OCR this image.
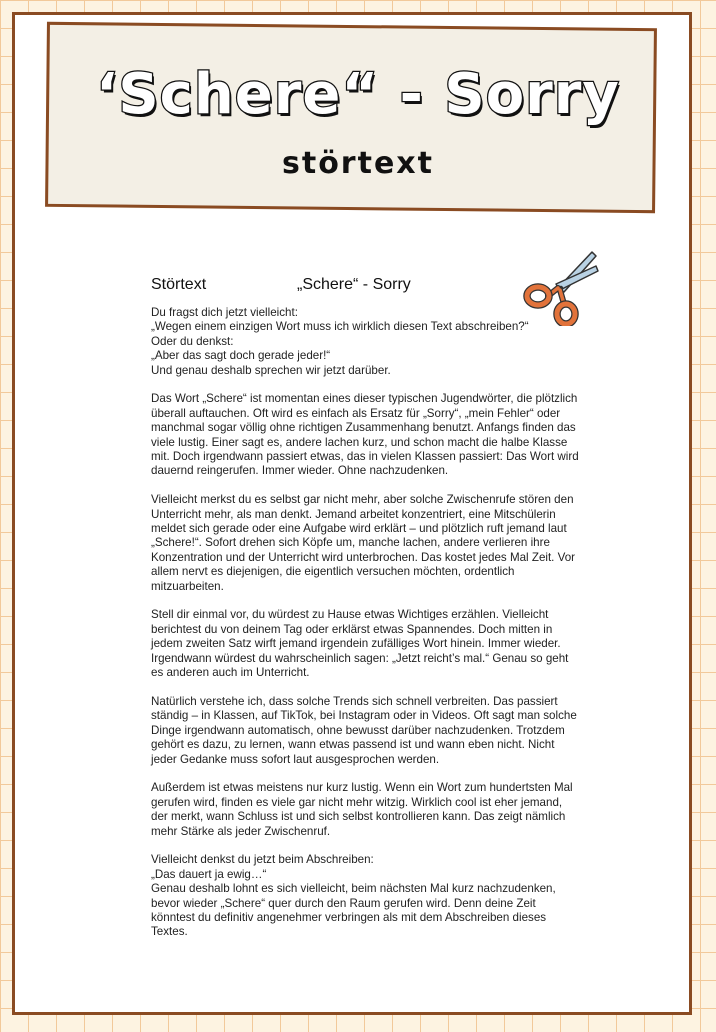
‘Schere“ - Sorry
störtext
Störtext	„Schere“ - Sorry

Du fragst dich jetzt vielleicht:
„Wegen einem einzigen Wort muss ich wirklich diesen Text abschreiben?“
Oder du denkst:
„Aber das sagt doch gerade jeder!“
Und genau deshalb sprechen wir jetzt darüber.

Das Wort „Schere“ ist momentan eines dieser typischen Jugendwörter, die plötzlich überall auftauchen. Oft wird es einfach als Ersatz für „Sorry“, „mein Fehler“ oder manchmal sogar völlig ohne richtigen Zusammenhang benutzt. Anfangs finden das viele lustig. Einer sagt es, andere lachen kurz, und schon macht die halbe Klasse mit. Doch irgendwann passiert etwas, das in vielen Klassen passiert: Das Wort wird dauernd reingerufen. Immer wieder. Ohne nachzudenken.

Vielleicht merkst du es selbst gar nicht mehr, aber solche Zwischenrufe stören den Unterricht mehr, als man denkt. Jemand arbeitet konzentriert, eine Mitschülerin meldet sich gerade oder eine Aufgabe wird erklärt – und plötzlich ruft jemand laut „Schere!“. Sofort drehen sich Köpfe um, manche lachen, andere verlieren ihre Konzentration und der Unterricht wird unterbrochen. Das kostet jedes Mal Zeit. Vor allem nervt es diejenigen, die eigentlich versuchen möchten, ordentlich mitzuarbeiten.

Stell dir einmal vor, du würdest zu Hause etwas Wichtiges erzählen. Vielleicht berichtest du von deinem Tag oder erklärst etwas Spannendes. Doch mitten in jedem zweiten Satz wirft jemand irgendein zufälliges Wort hinein. Immer wieder. Irgendwann würdest du wahrscheinlich sagen: „Jetzt reicht’s mal.“ Genau so geht es anderen auch im Unterricht.

Natürlich verstehe ich, dass solche Trends sich schnell verbreiten. Das passiert ständig – in Klassen, auf TikTok, bei Instagram oder in Videos. Oft sagt man solche Dinge irgendwann automatisch, ohne bewusst darüber nachzudenken. Trotzdem gehört es dazu, zu lernen, wann etwas passend ist und wann eben nicht. Nicht jeder Gedanke muss sofort laut ausgesprochen werden.

Außerdem ist etwas meistens nur kurz lustig. Wenn ein Wort zum hundertsten Mal gerufen wird, finden es viele gar nicht mehr witzig. Wirklich cool ist eher jemand, der merkt, wann Schluss ist und sich selbst kontrollieren kann. Das zeigt nämlich mehr Stärke als jeder Zwischenruf.

Vielleicht denkst du jetzt beim Abschreiben:
„Das dauert ja ewig…“
Genau deshalb lohnt es sich vielleicht, beim nächsten Mal kurz nachzudenken, bevor wieder „Schere“ quer durch den Raum gerufen wird. Denn deine Zeit könntest du definitiv angenehmer verbringen als mit dem Abschreiben dieses Textes.
